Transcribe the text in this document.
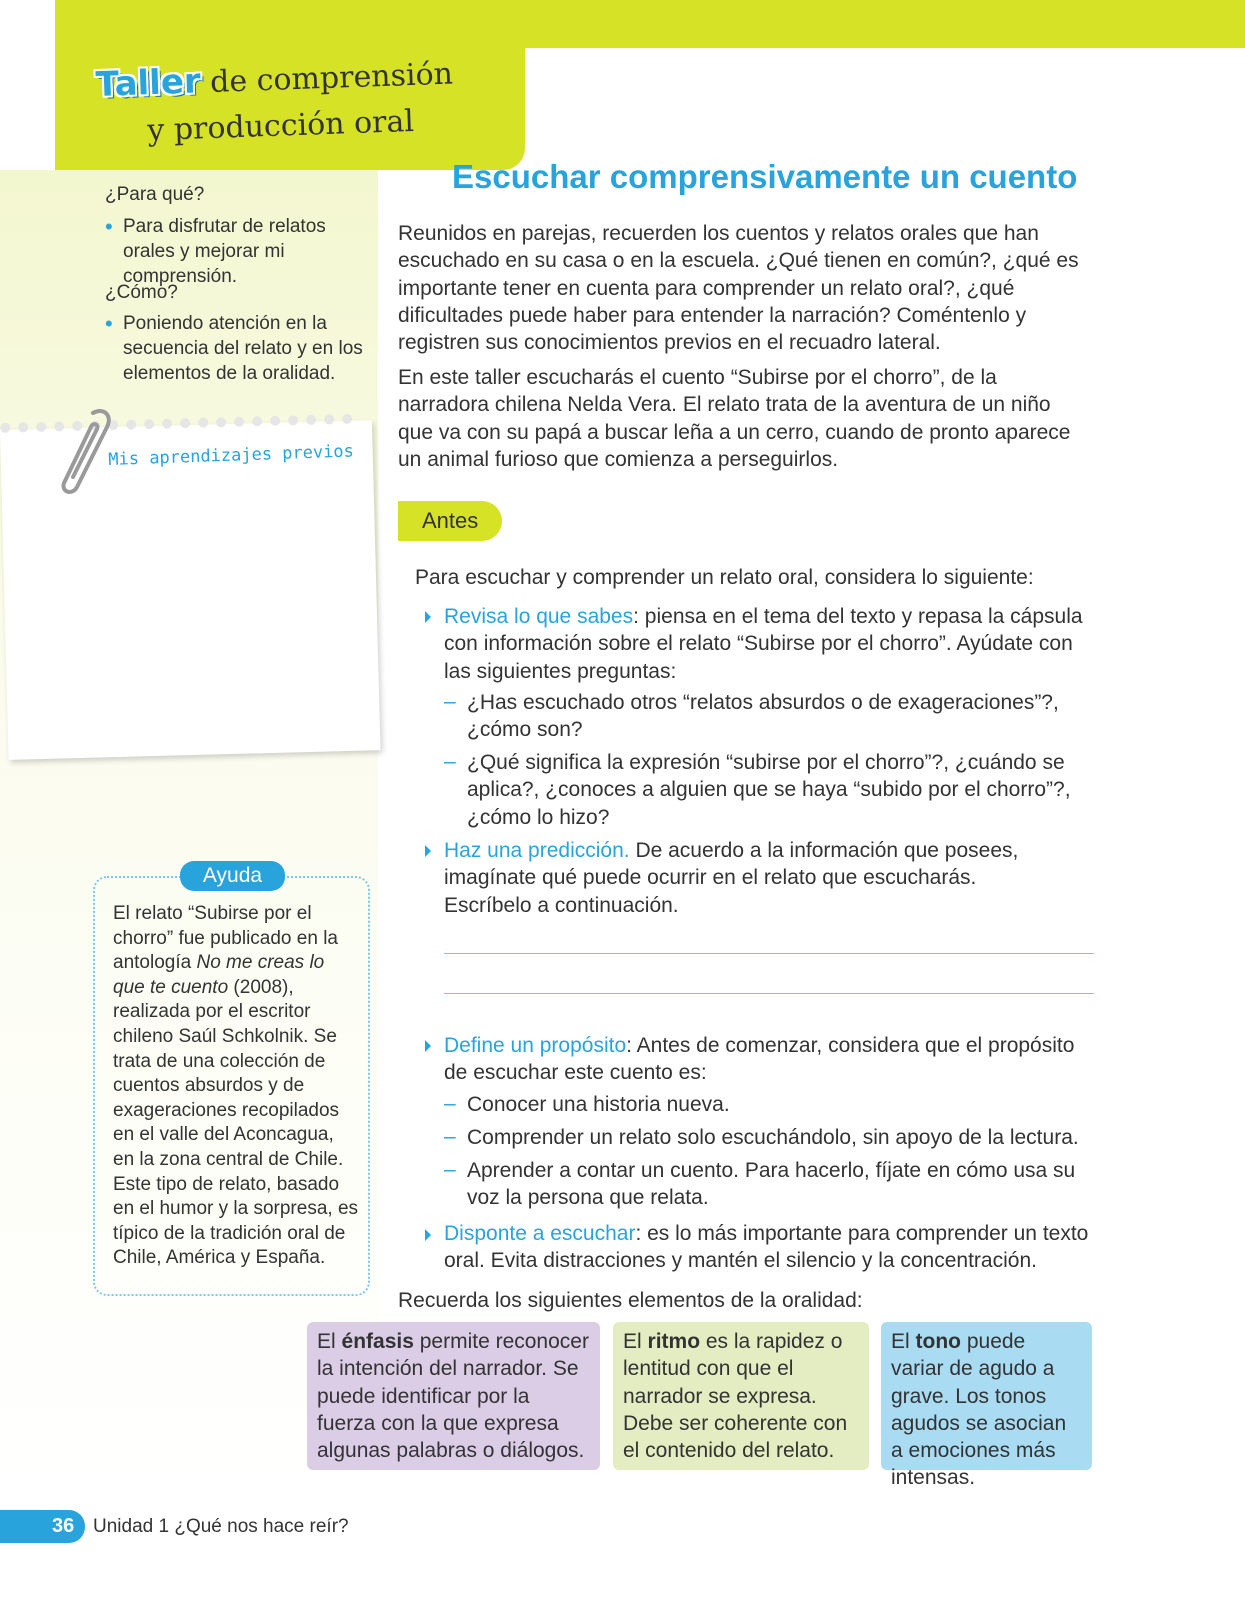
Taller de comprensión
y producción oral
¿Para qué?
• Para disfrutar de relatos orales y mejorar mi comprensión.
¿Cómo?
• Poniendo atención en la secuencia del relato y en los elementos de la oralidad.
Mis aprendizajes previos
Ayuda
El relato “Subirse por el chorro” fue publicado en la antología No me creas lo que te cuento (2008), realizada por el escritor chileno Saúl Schkolnik. Se trata de una colección de cuentos absurdos y de exageraciones recopilados en el valle del Aconcagua, en la zona central de Chile. Este tipo de relato, basado en el humor y la sorpresa, es típico de la tradición oral de Chile, América y España.
Escuchar comprensivamente un cuento

Reunidos en parejas, recuerden los cuentos y relatos orales que han escuchado en su casa o en la escuela. ¿Qué tienen en común?, ¿qué es importante tener en cuenta para comprender un relato oral?, ¿qué dificultades puede haber para entender la narración? Coméntenlo y registren sus conocimientos previos en el recuadro lateral.

En este taller escucharás el cuento “Subirse por el chorro”, de la narradora chilena Nelda Vera. El relato trata de la aventura de un niño que va con su papá a buscar leña a un cerro, cuando de pronto aparece un animal furioso que comienza a perseguirlos.

Antes
Para escuchar y comprender un relato oral, considera lo siguiente:
Revisa lo que sabes: piensa en el tema del texto y repasa la cápsula con información sobre el relato “Subirse por el chorro”. Ayúdate con las siguientes preguntas:
– ¿Has escuchado otros “relatos absurdos o de exageraciones”?, ¿cómo son?
– ¿Qué significa la expresión “subirse por el chorro”?, ¿cuándo se aplica?, ¿conoces a alguien que se haya “subido por el chorro”?, ¿cómo lo hizo?
Haz una predicción. De acuerdo a la información que posees, imagínate qué puede ocurrir en el relato que escucharás. Escríbelo a continuación.
Define un propósito: Antes de comenzar, considera que el propósito de escuchar este cuento es:
– Conocer una historia nueva.
– Comprender un relato solo escuchándolo, sin apoyo de la lectura.
– Aprender a contar un cuento. Para hacerlo, fíjate en cómo usa su voz la persona que relata.
Disponte a escuchar: es lo más importante para comprender un texto oral. Evita distracciones y mantén el silencio y la concentración.
Recuerda los siguientes elementos de la oralidad:
El énfasis permite reconocer la intención del narrador. Se puede identificar por la fuerza con la que expresa algunas palabras o diálogos.
El ritmo es la rapidez o lentitud con que el narrador se expresa. Debe ser coherente con el contenido del relato.
El tono puede variar de agudo a grave. Los tonos agudos se asocian a emociones más intensas.
36 Unidad 1 ¿Qué nos hace reír?
